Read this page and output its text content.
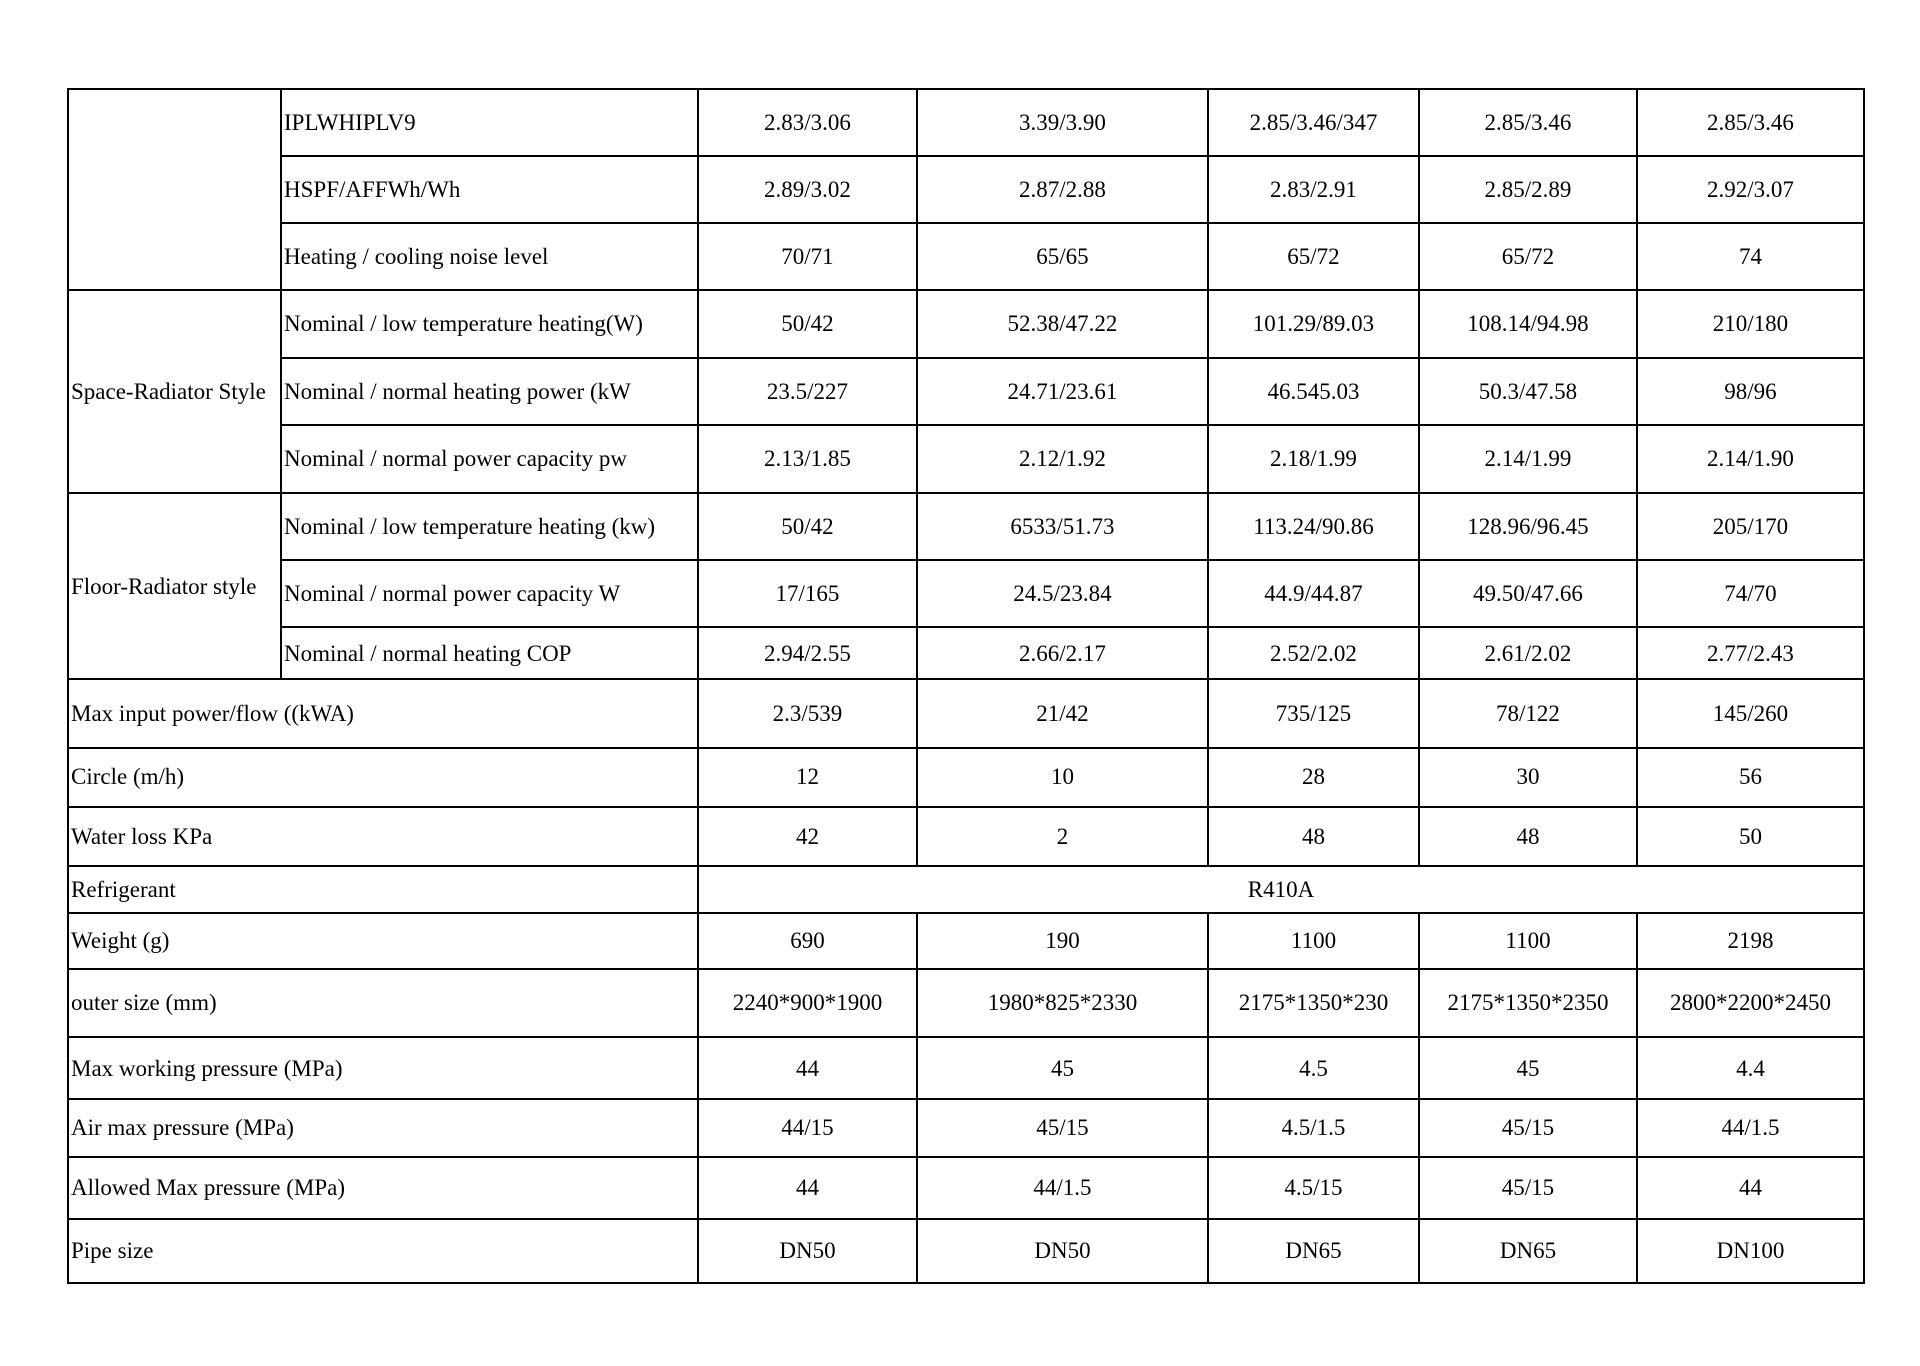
	IPLWHIPLV9	2.83/3.06	3.39/3.90	2.85/3.46/347	2.85/3.46	2.85/3.46
	HSPF/AFFWh/Wh	2.89/3.02	2.87/2.88	2.83/2.91	2.85/2.89	2.92/3.07
	Heating / cooling noise level	70/71	65/65	65/72	65/72	74
Space-Radiator Style	Nominal / low temperature heating(W)	50/42	52.38/47.22	101.29/89.03	108.14/94.98	210/180
	Nominal / normal heating power (kW	23.5/227	24.71/23.61	46.545.03	50.3/47.58	98/96
	Nominal / normal power capacity pw	2.13/1.85	2.12/1.92	2.18/1.99	2.14/1.99	2.14/1.90
Floor-Radiator style	Nominal / low temperature heating (kw)	50/42	6533/51.73	113.24/90.86	128.96/96.45	205/170
	Nominal / normal power capacity W	17/165	24.5/23.84	44.9/44.87	49.50/47.66	74/70
	Nominal / normal heating COP	2.94/2.55	2.66/2.17	2.52/2.02	2.61/2.02	2.77/2.43
Max input power/flow ((kWA)		2.3/539	21/42	735/125	78/122	145/260
Circle (m/h)		12	10	28	30	56
Water loss KPa		42	2	48	48	50
Refrigerant		R410A				
Weight (g)		690	190	1100	1100	2198
outer size (mm)		2240*900*1900	1980*825*2330	2175*1350*230	2175*1350*2350	2800*2200*2450
Max working pressure (MPa)		44	45	4.5	45	4.4
Air max pressure (MPa)		44/15	45/15	4.5/1.5	45/15	44/1.5
Allowed Max pressure (MPa)		44	44/1.5	4.5/15	45/15	44
Pipe size		DN50	DN50	DN65	DN65	DN100
